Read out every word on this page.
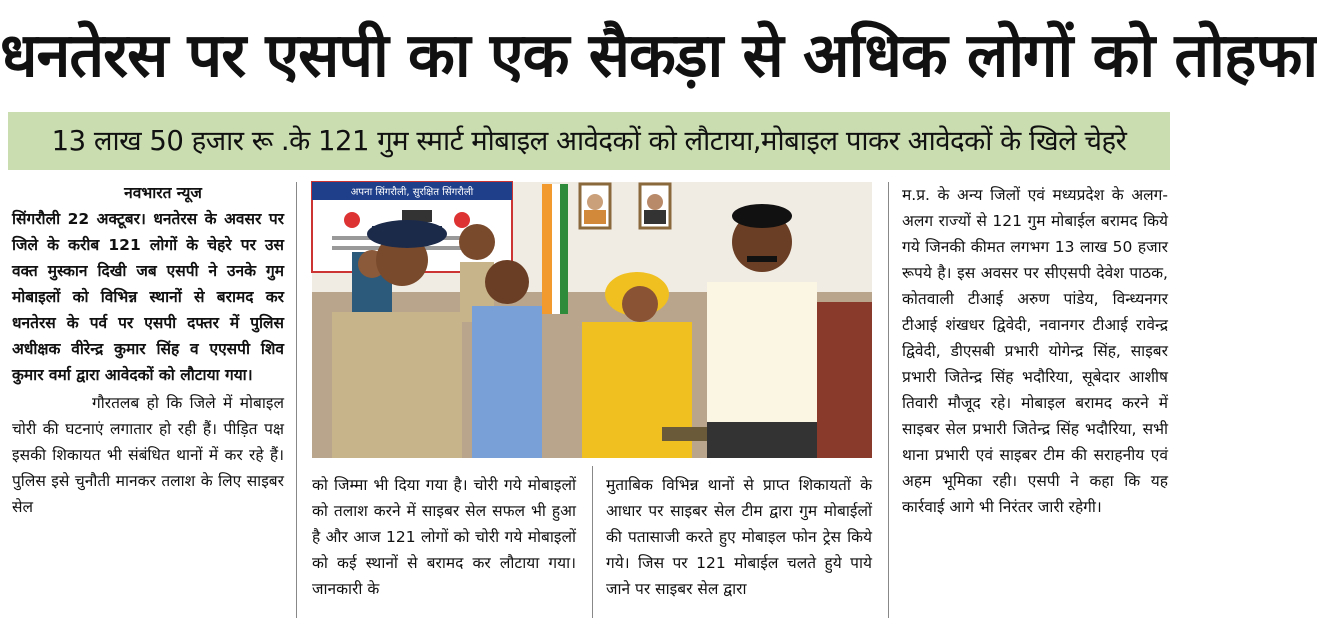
धनतेरस पर एसपी का एक सैकड़ा से अधिक लोगों को तोहफा
13 लाख 50 हजार रू .के 121 गुम स्मार्ट मोबाइल आवेदकों को लौटाया,मोबाइल पाकर आवेदकों के खिले चेहरे
नवभारत न्यूज

सिंगरौली 22 अक्टूबर। धनतेरस के अवसर पर जिले के करीब 121 लोगों के चेहरे पर उस वक्त मुस्कान दिखी जब एसपी ने उनके गुम मोबाइलों को विभिन्न स्थानों से बरामद कर धनतेरस के पर्व पर एसपी दफ्तर में पुलिस अधीक्षक वीरेन्द्र कुमार सिंह व एएसपी शिव कुमार वर्मा द्वारा आवेदकों को लौटाया गया।

गौरतलब हो कि जिले में मोबाइल चोरी की घटनाएं लगातार हो रही हैं। पीड़ित पक्ष इसकी शिकायत भी संबंधित थानों में कर रहे हैं। पुलिस इसे चुनौती मानकर तलाश के लिए साइबर सेल

अपना सिंगरौली, सुरक्षित सिंगरौली

को जिम्मा भी दिया गया है। चोरी गये मोबाइलों को तलाश करने में साइबर सेल सफल भी हुआ है और आज 121 लोगों को चोरी गये मोबाइलों को कई स्थानों से बरामद कर लौटाया गया। जानकारी के

मुताबिक विभिन्न थानों से प्राप्त शिकायतों के आधार पर साइबर सेल टीम द्वारा गुम मोबाईलों की पतासाजी करते हुए मोबाइल फोन ट्रेस किये गये। जिस पर 121 मोबाईल चलते हुये पाये जाने पर साइबर सेल द्वारा

म.प्र. के अन्य जिलों एवं मध्यप्रदेश के अलग-अलग राज्यों से 121 गुम मोबाईल बरामद किये गये जिनकी कीमत लगभग 13 लाख 50 हजार रूपये है। इस अवसर पर सीएसपी देवेश पाठक, कोतवाली टीआई अरुण पांडेय, विन्ध्यनगर टीआई शंखधर द्विवेदी, नवानगर टीआई रावेन्द्र द्विवेदी, डीएसबी प्रभारी योगेन्द्र सिंह, साइबर प्रभारी जितेन्द्र सिंह भदौरिया, सूबेदार आशीष तिवारी मौजूद रहे। मोबाइल बरामद करने में साइबर सेल प्रभारी जितेन्द्र सिंह भदौरिया, सभी थाना प्रभारी एवं साइबर टीम की सराहनीय एवं अहम भूमिका रही। एसपी ने कहा कि यह कार्रवाई आगे भी निरंतर जारी रहेगी।
